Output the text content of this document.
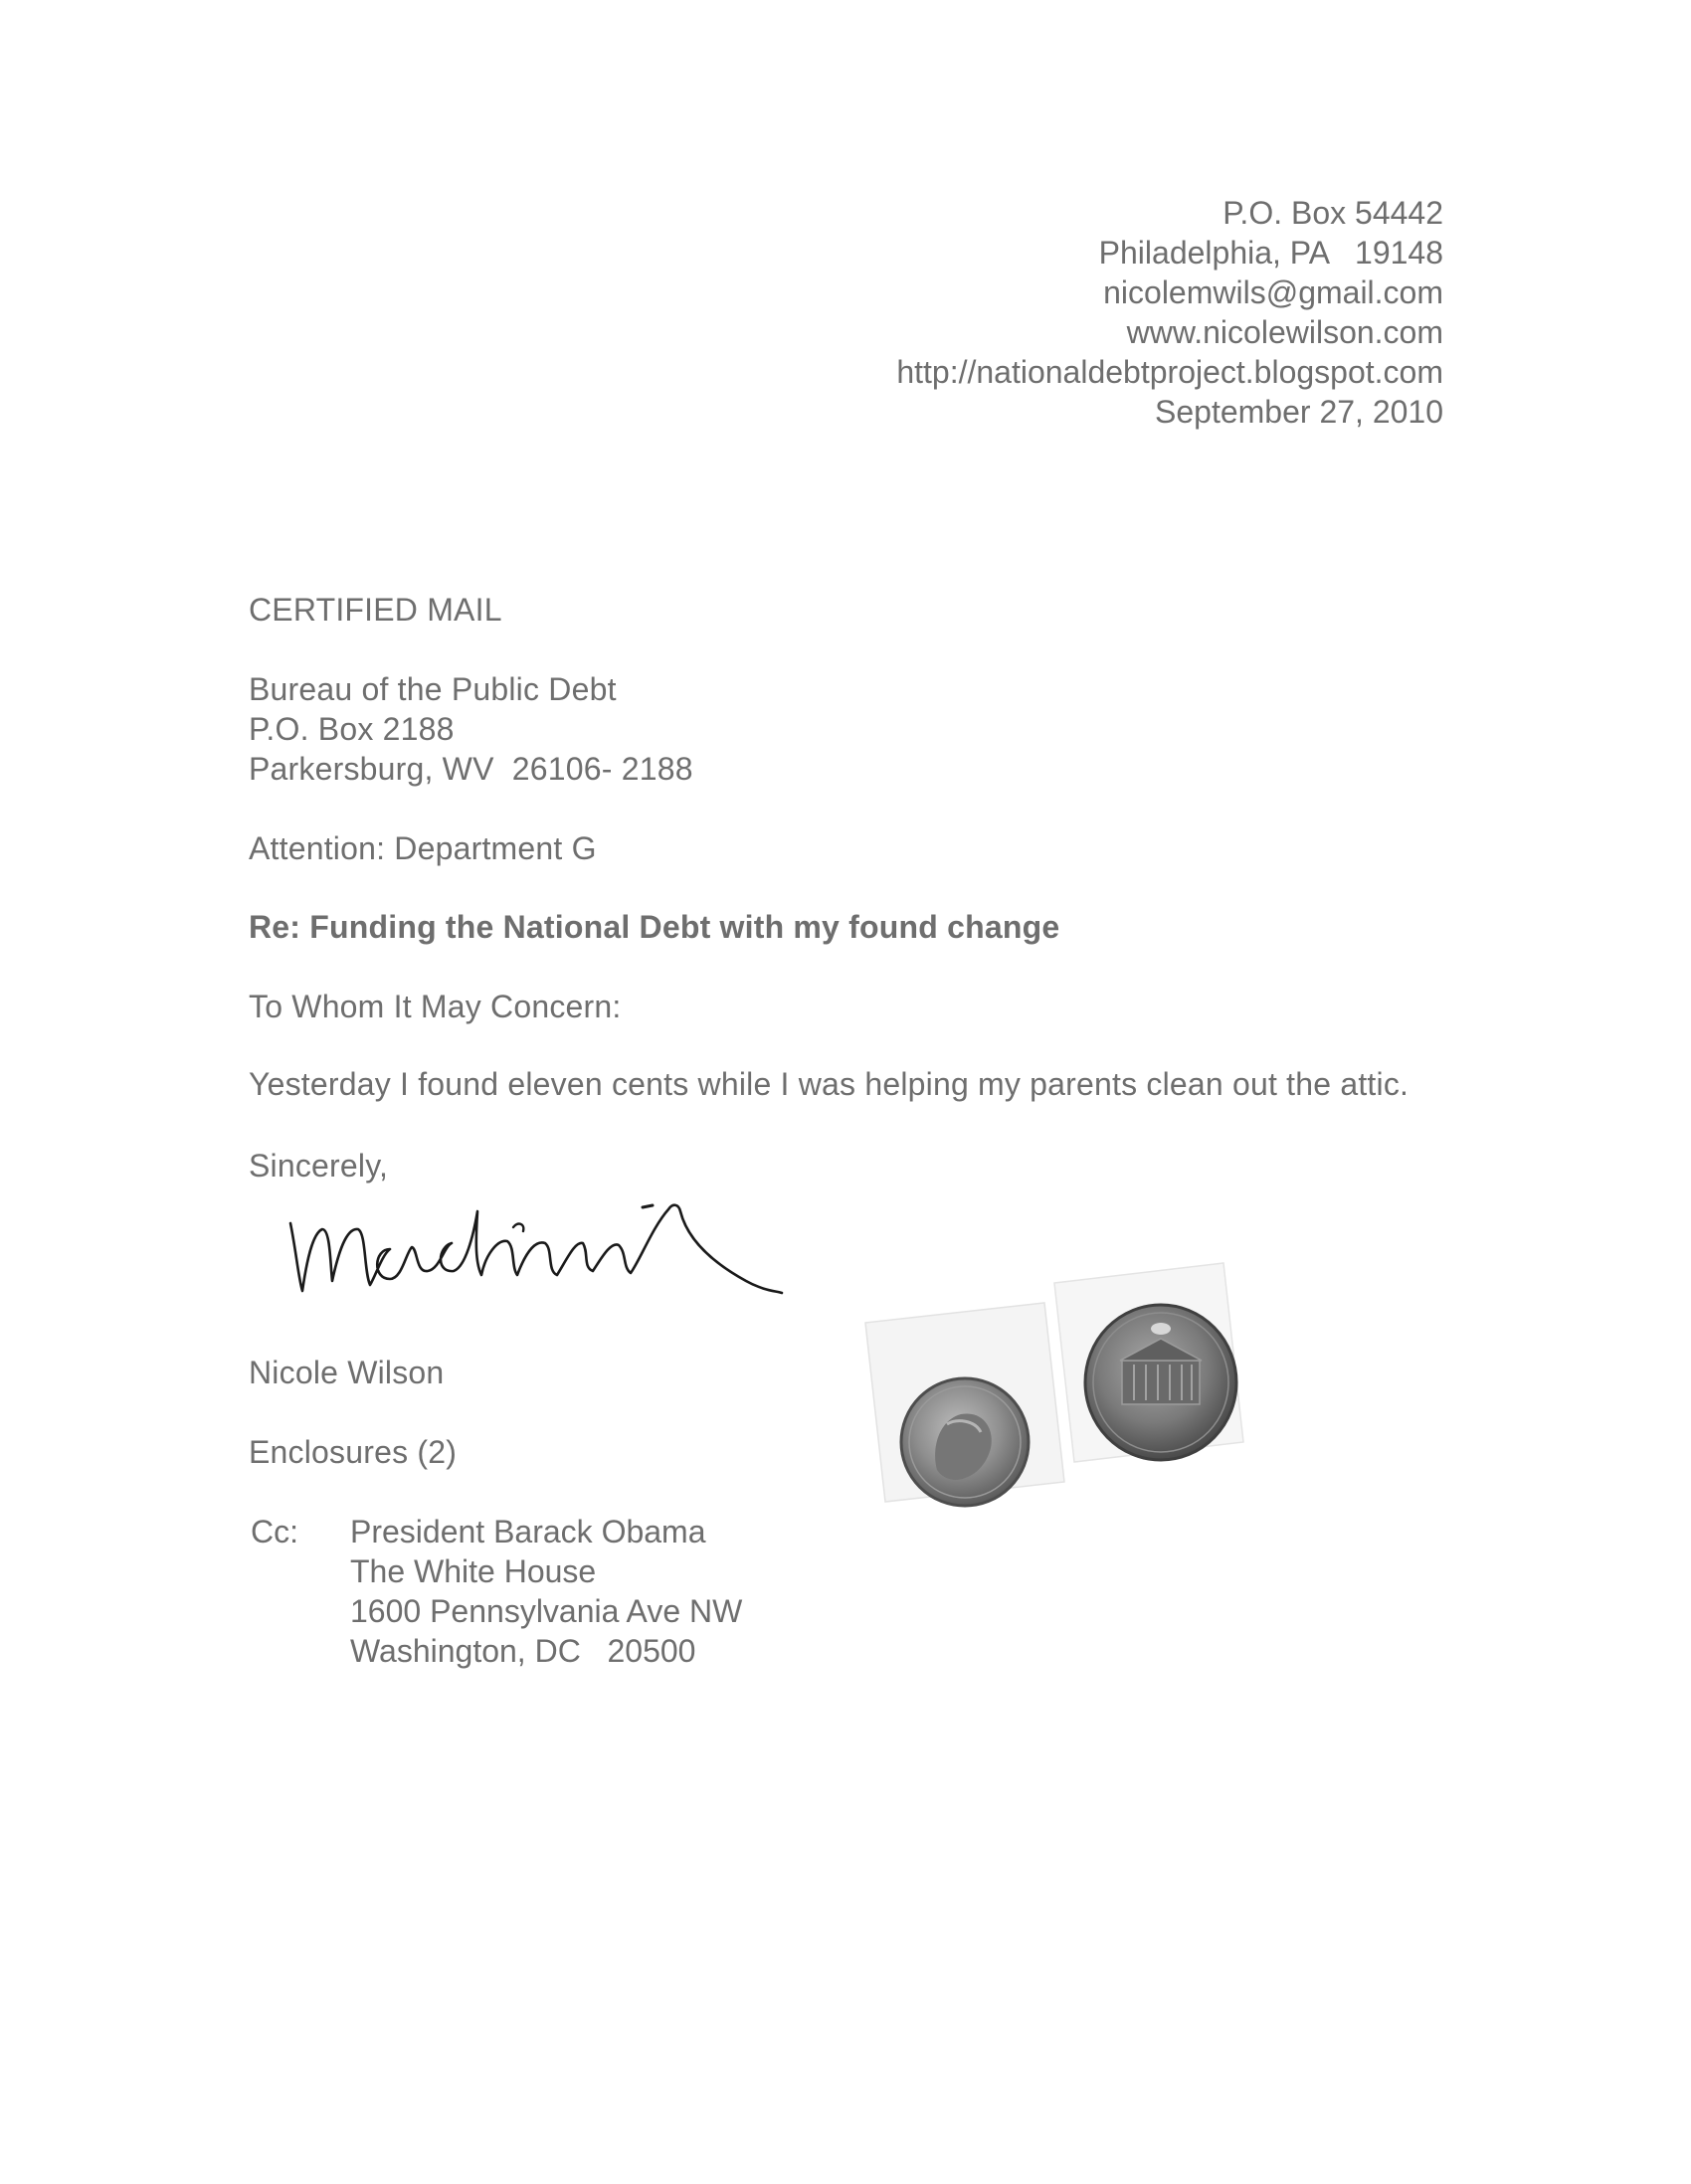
P.O. Box 54442
Philadelphia, PA   19148
nicolemwils@gmail.com
www.nicolewilson.com
http://nationaldebtproject.blogspot.com
September 27, 2010
CERTIFIED MAIL
Bureau of the Public Debt
P.O. Box 2188
Parkersburg, WV  26106- 2188
Attention: Department G
Re: Funding the National Debt with my found change
To Whom It May Concern:
Yesterday I found eleven cents while I was helping my parents clean out the attic.
Sincerely,
Nicole Wilson
Enclosures (2)
Cc: President Barack Obama
The White House
1600 Pennsylvania Ave NW
Washington, DC   20500
